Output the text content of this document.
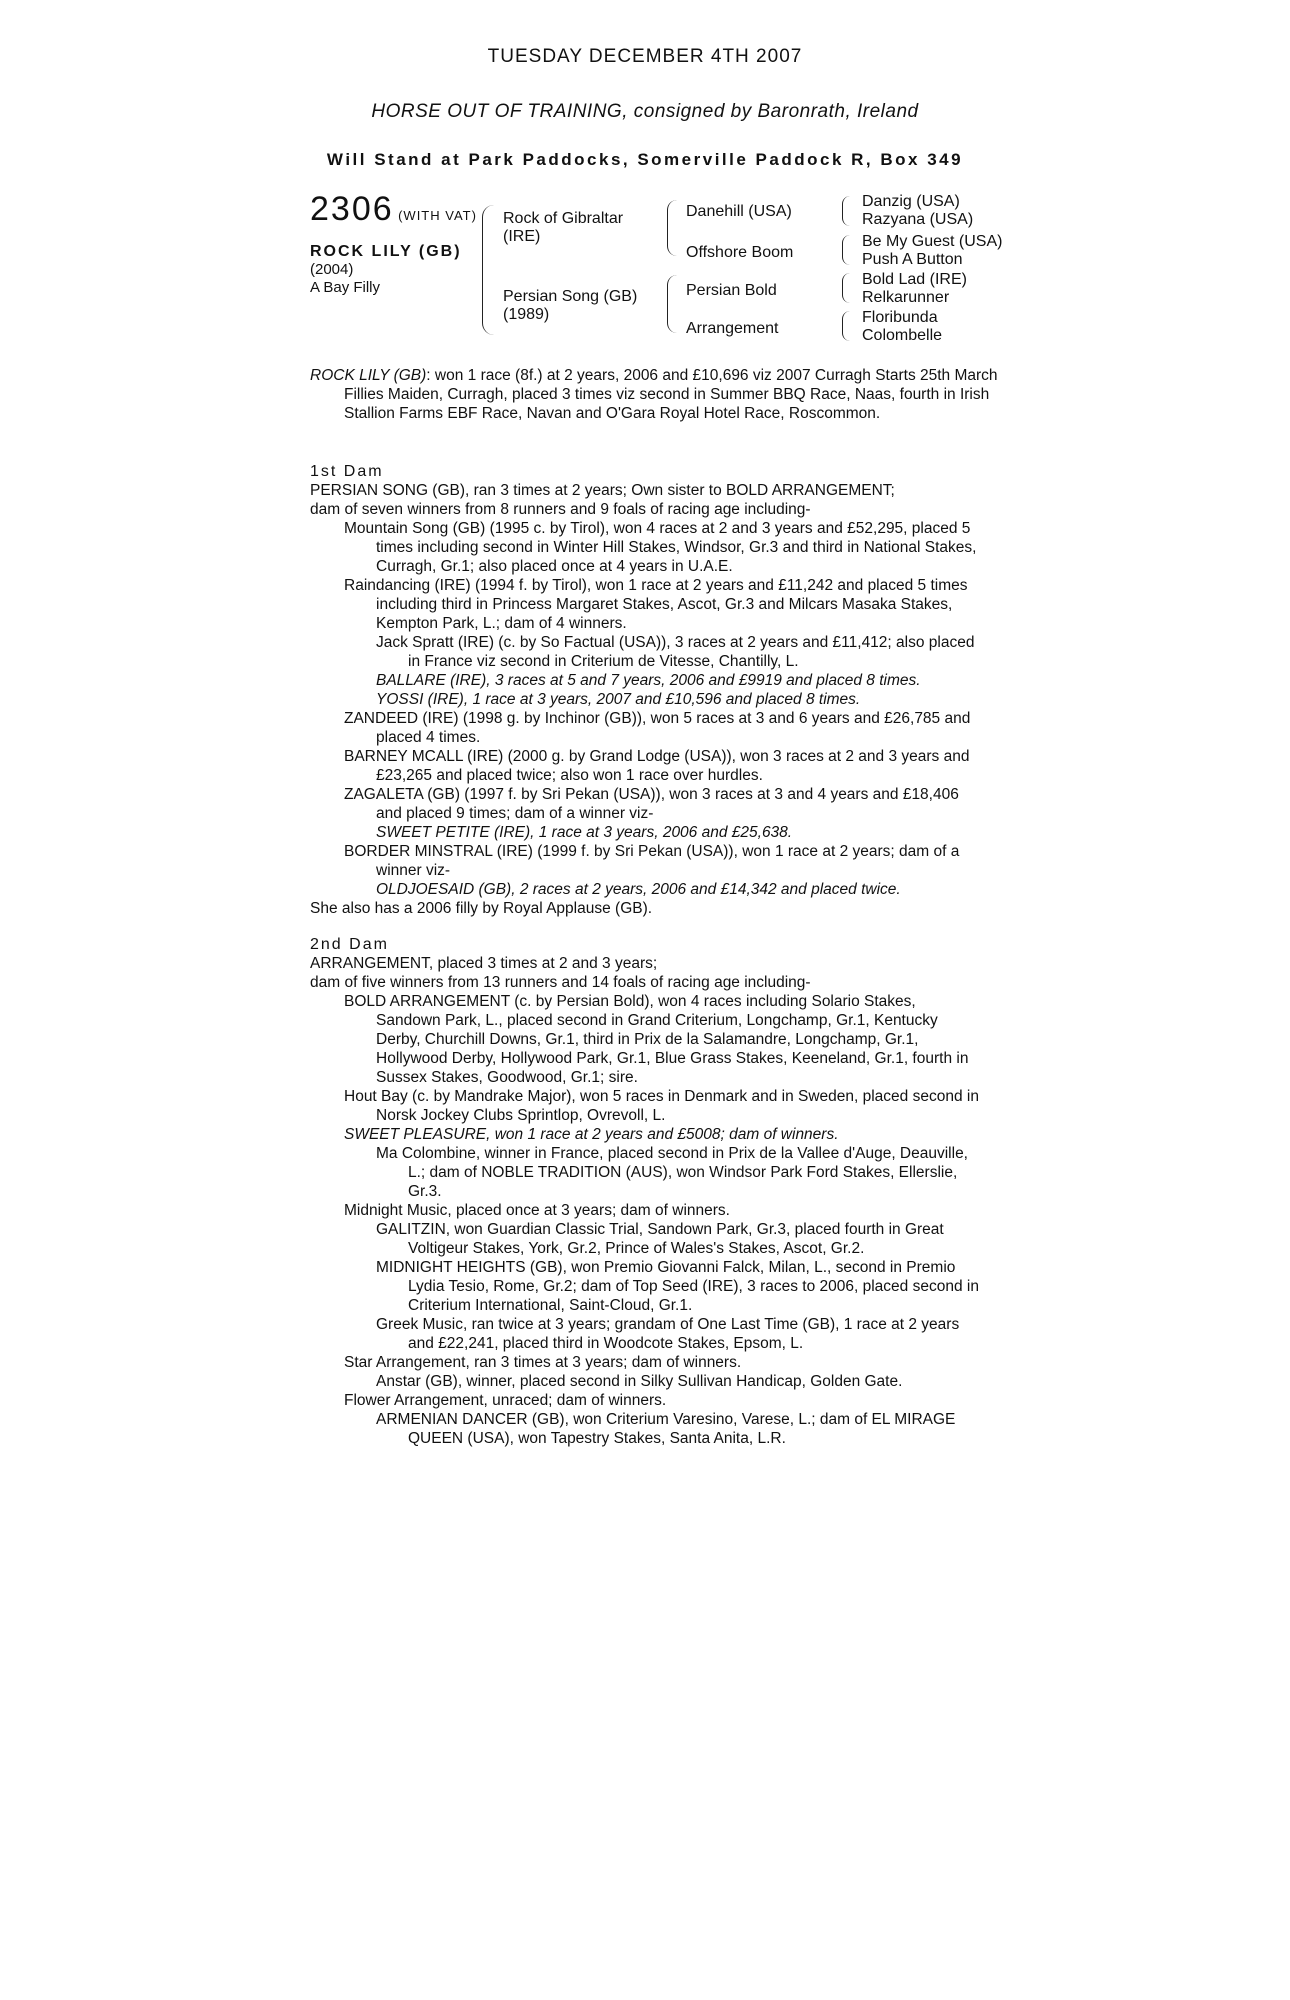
TUESDAY DECEMBER 4TH 2007
HORSE OUT OF TRAINING, consigned by Baronrath, Ireland
Will Stand at Park Paddocks, Somerville Paddock R, Box 349
2306 (WITH VAT)
ROCK LILY (GB)
(2004)
A Bay Filly
Rock of Gibraltar
(IRE)
Persian Song (GB)
(1989)
Danehill (USA)
Offshore Boom
Persian Bold
Arrangement
Danzig (USA)
Razyana (USA)
Be My Guest (USA)
Push A Button
Bold Lad (IRE)
Relkarunner
Floribunda
Colombelle
ROCK LILY (GB): won 1 race (8f.) at 2 years, 2006 and £10,696 viz 2007 Curragh Starts 25th March Fillies Maiden, Curragh, placed 3 times viz second in Summer BBQ Race, Naas, fourth in Irish Stallion Farms EBF Race, Navan and O'Gara Royal Hotel Race, Roscommon.
1st Dam
PERSIAN SONG (GB), ran 3 times at 2 years; Own sister to BOLD ARRANGEMENT;
dam of seven winners from 8 runners and 9 foals of racing age including-
Mountain Song (GB) (1995 c. by Tirol), won 4 races at 2 and 3 years and £52,295, placed 5 times including second in Winter Hill Stakes, Windsor, Gr.3 and third in National Stakes, Curragh, Gr.1; also placed once at 4 years in U.A.E.
Raindancing (IRE) (1994 f. by Tirol), won 1 race at 2 years and £11,242 and placed 5 times including third in Princess Margaret Stakes, Ascot, Gr.3 and Milcars Masaka Stakes, Kempton Park, L.; dam of 4 winners.
Jack Spratt (IRE) (c. by So Factual (USA)), 3 races at 2 years and £11,412; also placed in France viz second in Criterium de Vitesse, Chantilly, L.
BALLARE (IRE), 3 races at 5 and 7 years, 2006 and £9919 and placed 8 times.
YOSSI (IRE), 1 race at 3 years, 2007 and £10,596 and placed 8 times.
ZANDEED (IRE) (1998 g. by Inchinor (GB)), won 5 races at 3 and 6 years and £26,785 and placed 4 times.
BARNEY MCALL (IRE) (2000 g. by Grand Lodge (USA)), won 3 races at 2 and 3 years and £23,265 and placed twice; also won 1 race over hurdles.
ZAGALETA (GB) (1997 f. by Sri Pekan (USA)), won 3 races at 3 and 4 years and £18,406 and placed 9 times; dam of a winner viz-
SWEET PETITE (IRE), 1 race at 3 years, 2006 and £25,638.
BORDER MINSTRAL (IRE) (1999 f. by Sri Pekan (USA)), won 1 race at 2 years; dam of a winner viz-
OLDJOESAID (GB), 2 races at 2 years, 2006 and £14,342 and placed twice.
She also has a 2006 filly by Royal Applause (GB).
2nd Dam
ARRANGEMENT, placed 3 times at 2 and 3 years;
dam of five winners from 13 runners and 14 foals of racing age including-
BOLD ARRANGEMENT (c. by Persian Bold), won 4 races including Solario Stakes, Sandown Park, L., placed second in Grand Criterium, Longchamp, Gr.1, Kentucky Derby, Churchill Downs, Gr.1, third in Prix de la Salamandre, Longchamp, Gr.1, Hollywood Derby, Hollywood Park, Gr.1, Blue Grass Stakes, Keeneland, Gr.1, fourth in Sussex Stakes, Goodwood, Gr.1; sire.
Hout Bay (c. by Mandrake Major), won 5 races in Denmark and in Sweden, placed second in Norsk Jockey Clubs Sprintlop, Ovrevoll, L.
SWEET PLEASURE, won 1 race at 2 years and £5008; dam of winners.
Ma Colombine, winner in France, placed second in Prix de la Vallee d'Auge, Deauville, L.; dam of NOBLE TRADITION (AUS), won Windsor Park Ford Stakes, Ellerslie, Gr.3.
Midnight Music, placed once at 3 years; dam of winners.
GALITZIN, won Guardian Classic Trial, Sandown Park, Gr.3, placed fourth in Great Voltigeur Stakes, York, Gr.2, Prince of Wales's Stakes, Ascot, Gr.2.
MIDNIGHT HEIGHTS (GB), won Premio Giovanni Falck, Milan, L., second in Premio Lydia Tesio, Rome, Gr.2; dam of Top Seed (IRE), 3 races to 2006, placed second in Criterium International, Saint-Cloud, Gr.1.
Greek Music, ran twice at 3 years; grandam of One Last Time (GB), 1 race at 2 years and £22,241, placed third in Woodcote Stakes, Epsom, L.
Star Arrangement, ran 3 times at 3 years; dam of winners.
Anstar (GB), winner, placed second in Silky Sullivan Handicap, Golden Gate.
Flower Arrangement, unraced; dam of winners.
ARMENIAN DANCER (GB), won Criterium Varesino, Varese, L.; dam of EL MIRAGE QUEEN (USA), won Tapestry Stakes, Santa Anita, L.R.
